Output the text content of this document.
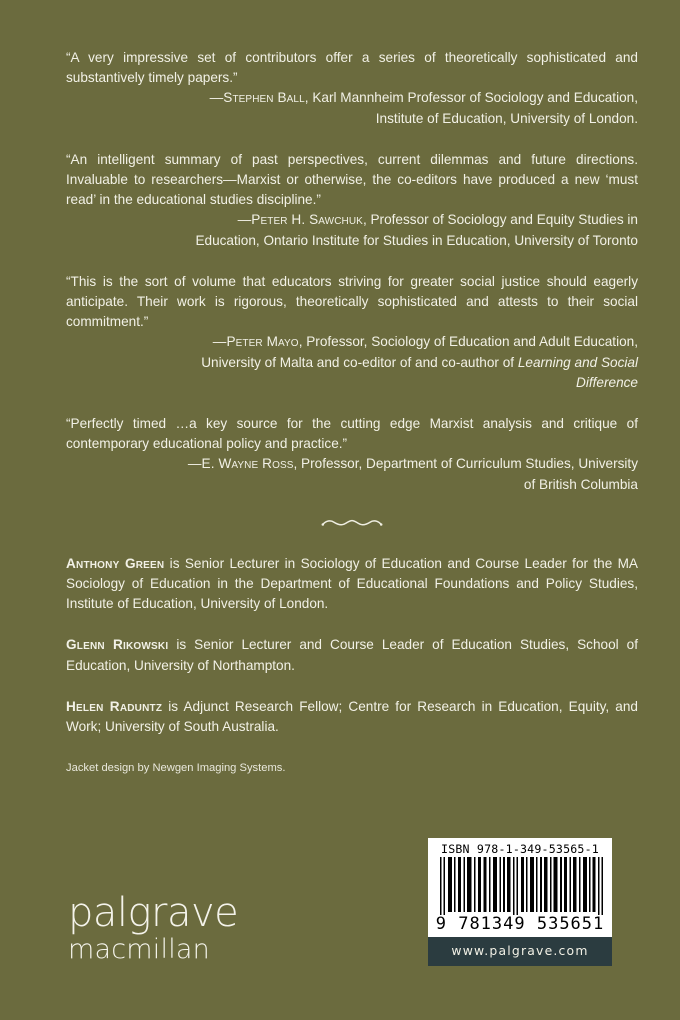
“A very impressive set of contributors offer a series of theoretically sophisticated and substantively timely papers.”

—Stephen Ball, Karl Mannheim Professor of Sociology and Education, Institute of Education, University of London.

“An intelligent summary of past perspectives, current dilemmas and future directions. Invaluable to researchers—Marxist or otherwise, the co-editors have produced a new ‘must read’ in the educational studies discipline.”

—Peter H. Sawchuk, Professor of Sociology and Equity Studies in Education, Ontario Institute for Studies in Education, University of Toronto

“This is the sort of volume that educators striving for greater social justice should eagerly anticipate. Their work is rigorous, theoretically sophisticated and attests to their social commitment.”

—Peter Mayo, Professor, Sociology of Education and Adult Education, University of Malta and co-editor of and co-author of Learning and Social Difference

“Perfectly timed …a key source for the cutting edge Marxist analysis and critique of contemporary educational policy and practice.”

—E. Wayne Ross, Professor, Department of Curriculum Studies, University of British Columbia

Anthony Green is Senior Lecturer in Sociology of Education and Course Leader for the MA Sociology of Education in the Department of Educational Foundations and Policy Studies, Institute of Education, University of London.

Glenn Rikowski is Senior Lecturer and Course Leader of Education Studies, School of Education, University of Northampton.

Helen Raduntz is Adjunct Research Fellow; Centre for Research in Education, Equity, and Work; University of South Australia.

Jacket design by Newgen Imaging Systems.
palgrave
macmillan
ISBN 978-1-349-53565-1
9 781349 535651
www.palgrave.com
